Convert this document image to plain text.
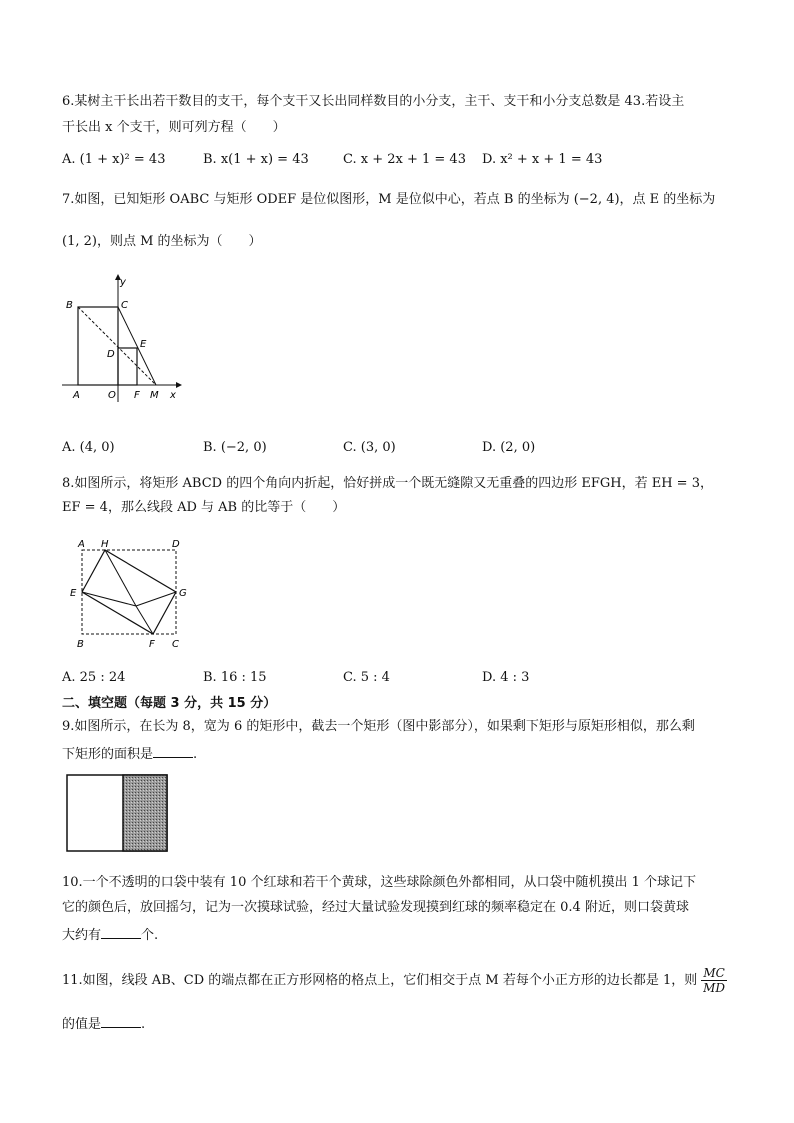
6.某树主干长出若干数目的支干，每个支干又长出同样数目的小分支，主干、支干和小分支总数是 43.若设主
干长出 x 个支干，则可列方程（　　）
A. (1 + x)² = 43	B. x(1 + x) = 43	C. x + 2x + 1 = 43 D. x² + x + 1 = 43
7.如图，已知矩形 OABC 与矩形 ODEF 是位似图形，M 是位似中心，若点 B 的坐标为 (−2, 4)，点 E 的坐标为
(1, 2)，则点 M 的坐标为（　　）
y
B	C
D
E
A	O F M x
A. (4, 0)	B. (−2, 0)	C. (3, 0)	D. (2, 0)
8.如图所示，将矩形 ABCD 的四个角向内折起，恰好拼成一个既无缝隙又无重叠的四边形 EFGH，若 EH = 3，
EF = 4，那么线段 AD 与 AB 的比等于（　　）
A H	D
E	G
B	F C
A. 25 : 24	B. 16 : 15	C. 5 : 4	D. 4 : 3
二、填空题（每题 3 分，共 15 分）
9.如图所示，在长为 8，宽为 6 的矩形中，截去一个矩形（图中影部分），如果剩下矩形与原矩形相似，那么剩
下矩形的面积是	.
10.一个不透明的口袋中装有 10 个红球和若干个黄球，这些球除颜色外都相同，从口袋中随机摸出 1 个球记下
它的颜色后，放回摇匀，记为一次摸球试验，经过大量试验发现摸到红球的频率稳定在 0.4 附近，则口袋黄球
大约有	个.
11.如图，线段 AB、CD 的端点都在正方形网格的格点上，它们相交于点 M 若每个小正方形的边长都是 1，则 $\frac{MC}{MD}$
的值是	.
